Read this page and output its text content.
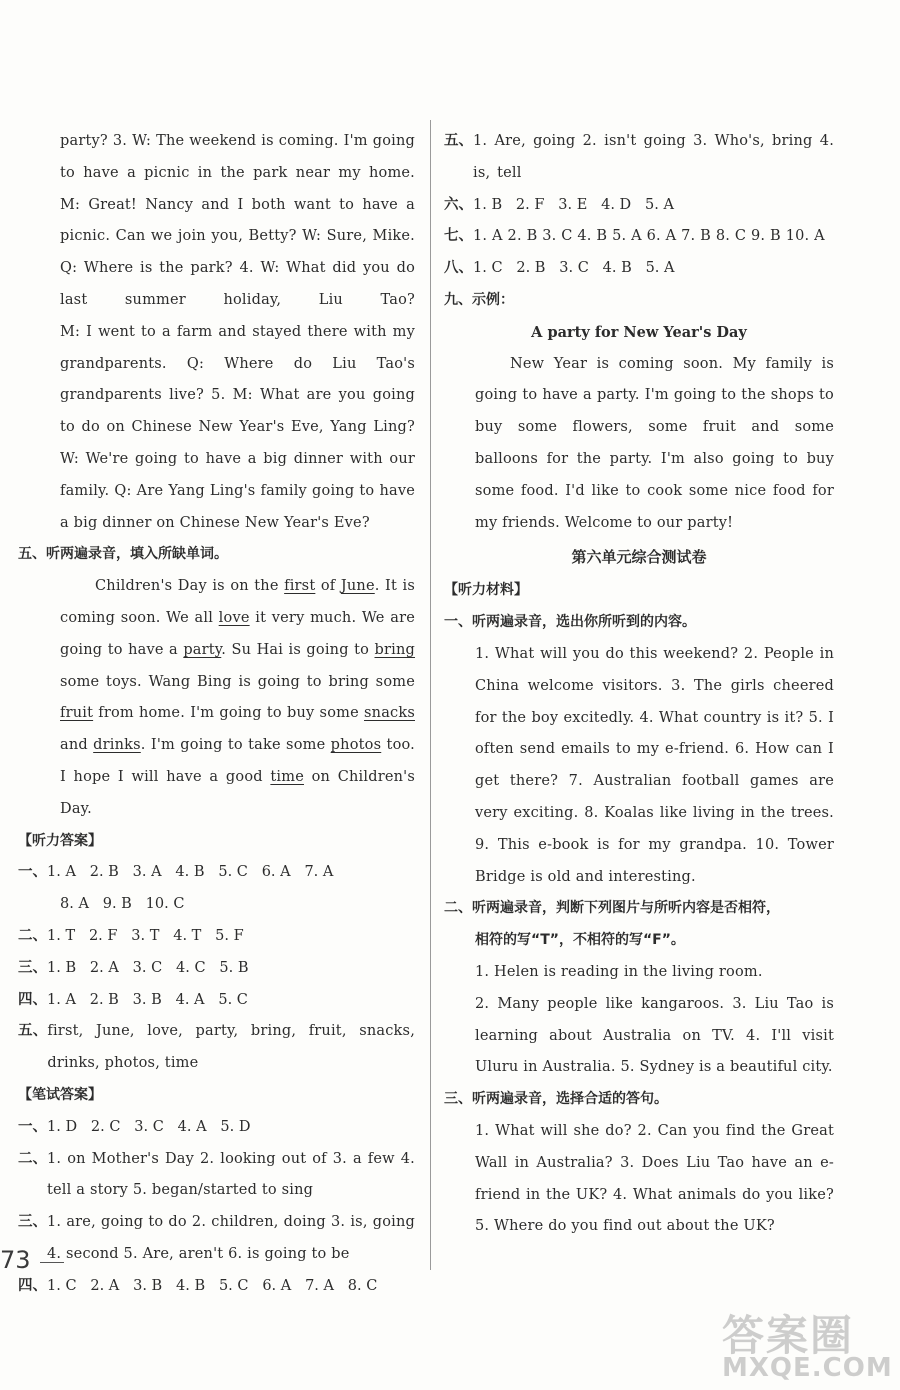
party? 3. W: The weekend is coming. I'm going to have a picnic in the park near my home.
M: Great! Nancy and I both want to have a picnic. Can we join you, Betty? W: Sure, Mike. Q: Where is the park? 4. W: What did you do last summer holiday, Liu Tao?
M: I went to a farm and stayed there with my grandparents. Q: Where do Liu Tao's grandparents live? 5. M: What are you going to do on Chinese New Year's Eve, Yang Ling?
W: We're going to have a big dinner with our family. Q: Are Yang Ling's family going to have a big dinner on Chinese New Year's Eve?
五、听两遍录音，填入所缺单词。
Children's Day is on the first of June. It is coming soon. We all love it very much. We are going to have a party. Su Hai is going to bring some toys. Wang Bing is going to bring some fruit from home. I'm going to buy some snacks and drinks. I'm going to take some photos too. I hope I will have a good time on Children's Day.
【听力答案】
一、1. A   2. B   3. A   4. B   5. C   6. A   7. A
8. A   9. B   10. C
二、1. T   2. F   3. T   4. T   5. F
三、1. B   2. A   3. C   4. C   5. B
四、1. A   2. B   3. B   4. A   5. C
五、 first, June, love, party, bring, fruit, snacks, drinks, photos, time
【笔试答案】
一、1. D   2. C   3. C   4. A   5. D
二、 1. on Mother's Day 2. looking out of 3. a few 4. tell a story 5. began/started to sing
三、 1. are, going to do 2. children, doing 3. is, going 4. second 5. Are, aren't 6. is going to be
四、1. C   2. A   3. B   4. B   5. C   6. A   7. A   8. C
五、 1. Are, going 2. isn't going 3. Who's, bring 4. is, tell
六、1. B   2. F   3. E   4. D   5. A
七、 1. A 2. B 3. C 4. B 5. A 6. A 7. B 8. C 9. B 10. A
八、1. C   2. B   3. C   4. B   5. A
九、示例：
A party for New Year's Day
New Year is coming soon. My family is going to have a party. I'm going to the shops to buy some flowers, some fruit and some balloons for the party. I'm also going to buy some food. I'd like to cook some nice food for my friends. Welcome to our party!
第六单元综合测试卷
【听力材料】
一、听两遍录音，选出你所听到的内容。
1. What will you do this weekend? 2. People in China welcome visitors. 3. The girls cheered for the boy excitedly. 4. What country is it? 5. I often send emails to my e-friend. 6. How can I get there? 7. Australian football games are very exciting. 8. Koalas like living in the trees. 9. This e-book is for my grandpa. 10. Tower Bridge is old and interesting.
二、听两遍录音，判断下列图片与所听内容是否相符，
相符的写“T”，不相符的写“F”。
1. Helen is reading in the living room.
2. Many people like kangaroos. 3. Liu Tao is learning about Australia on TV. 4. I'll visit Uluru in Australia. 5. Sydney is a beautiful city.
三、听两遍录音，选择合适的答句。
1. What will she do? 2. Can you find the Great Wall in Australia? 3. Does Liu Tao have an e-friend in the UK? 4. What animals do you like? 5. Where do you find out about the UK?
73
答案圈
MXQE.COM
